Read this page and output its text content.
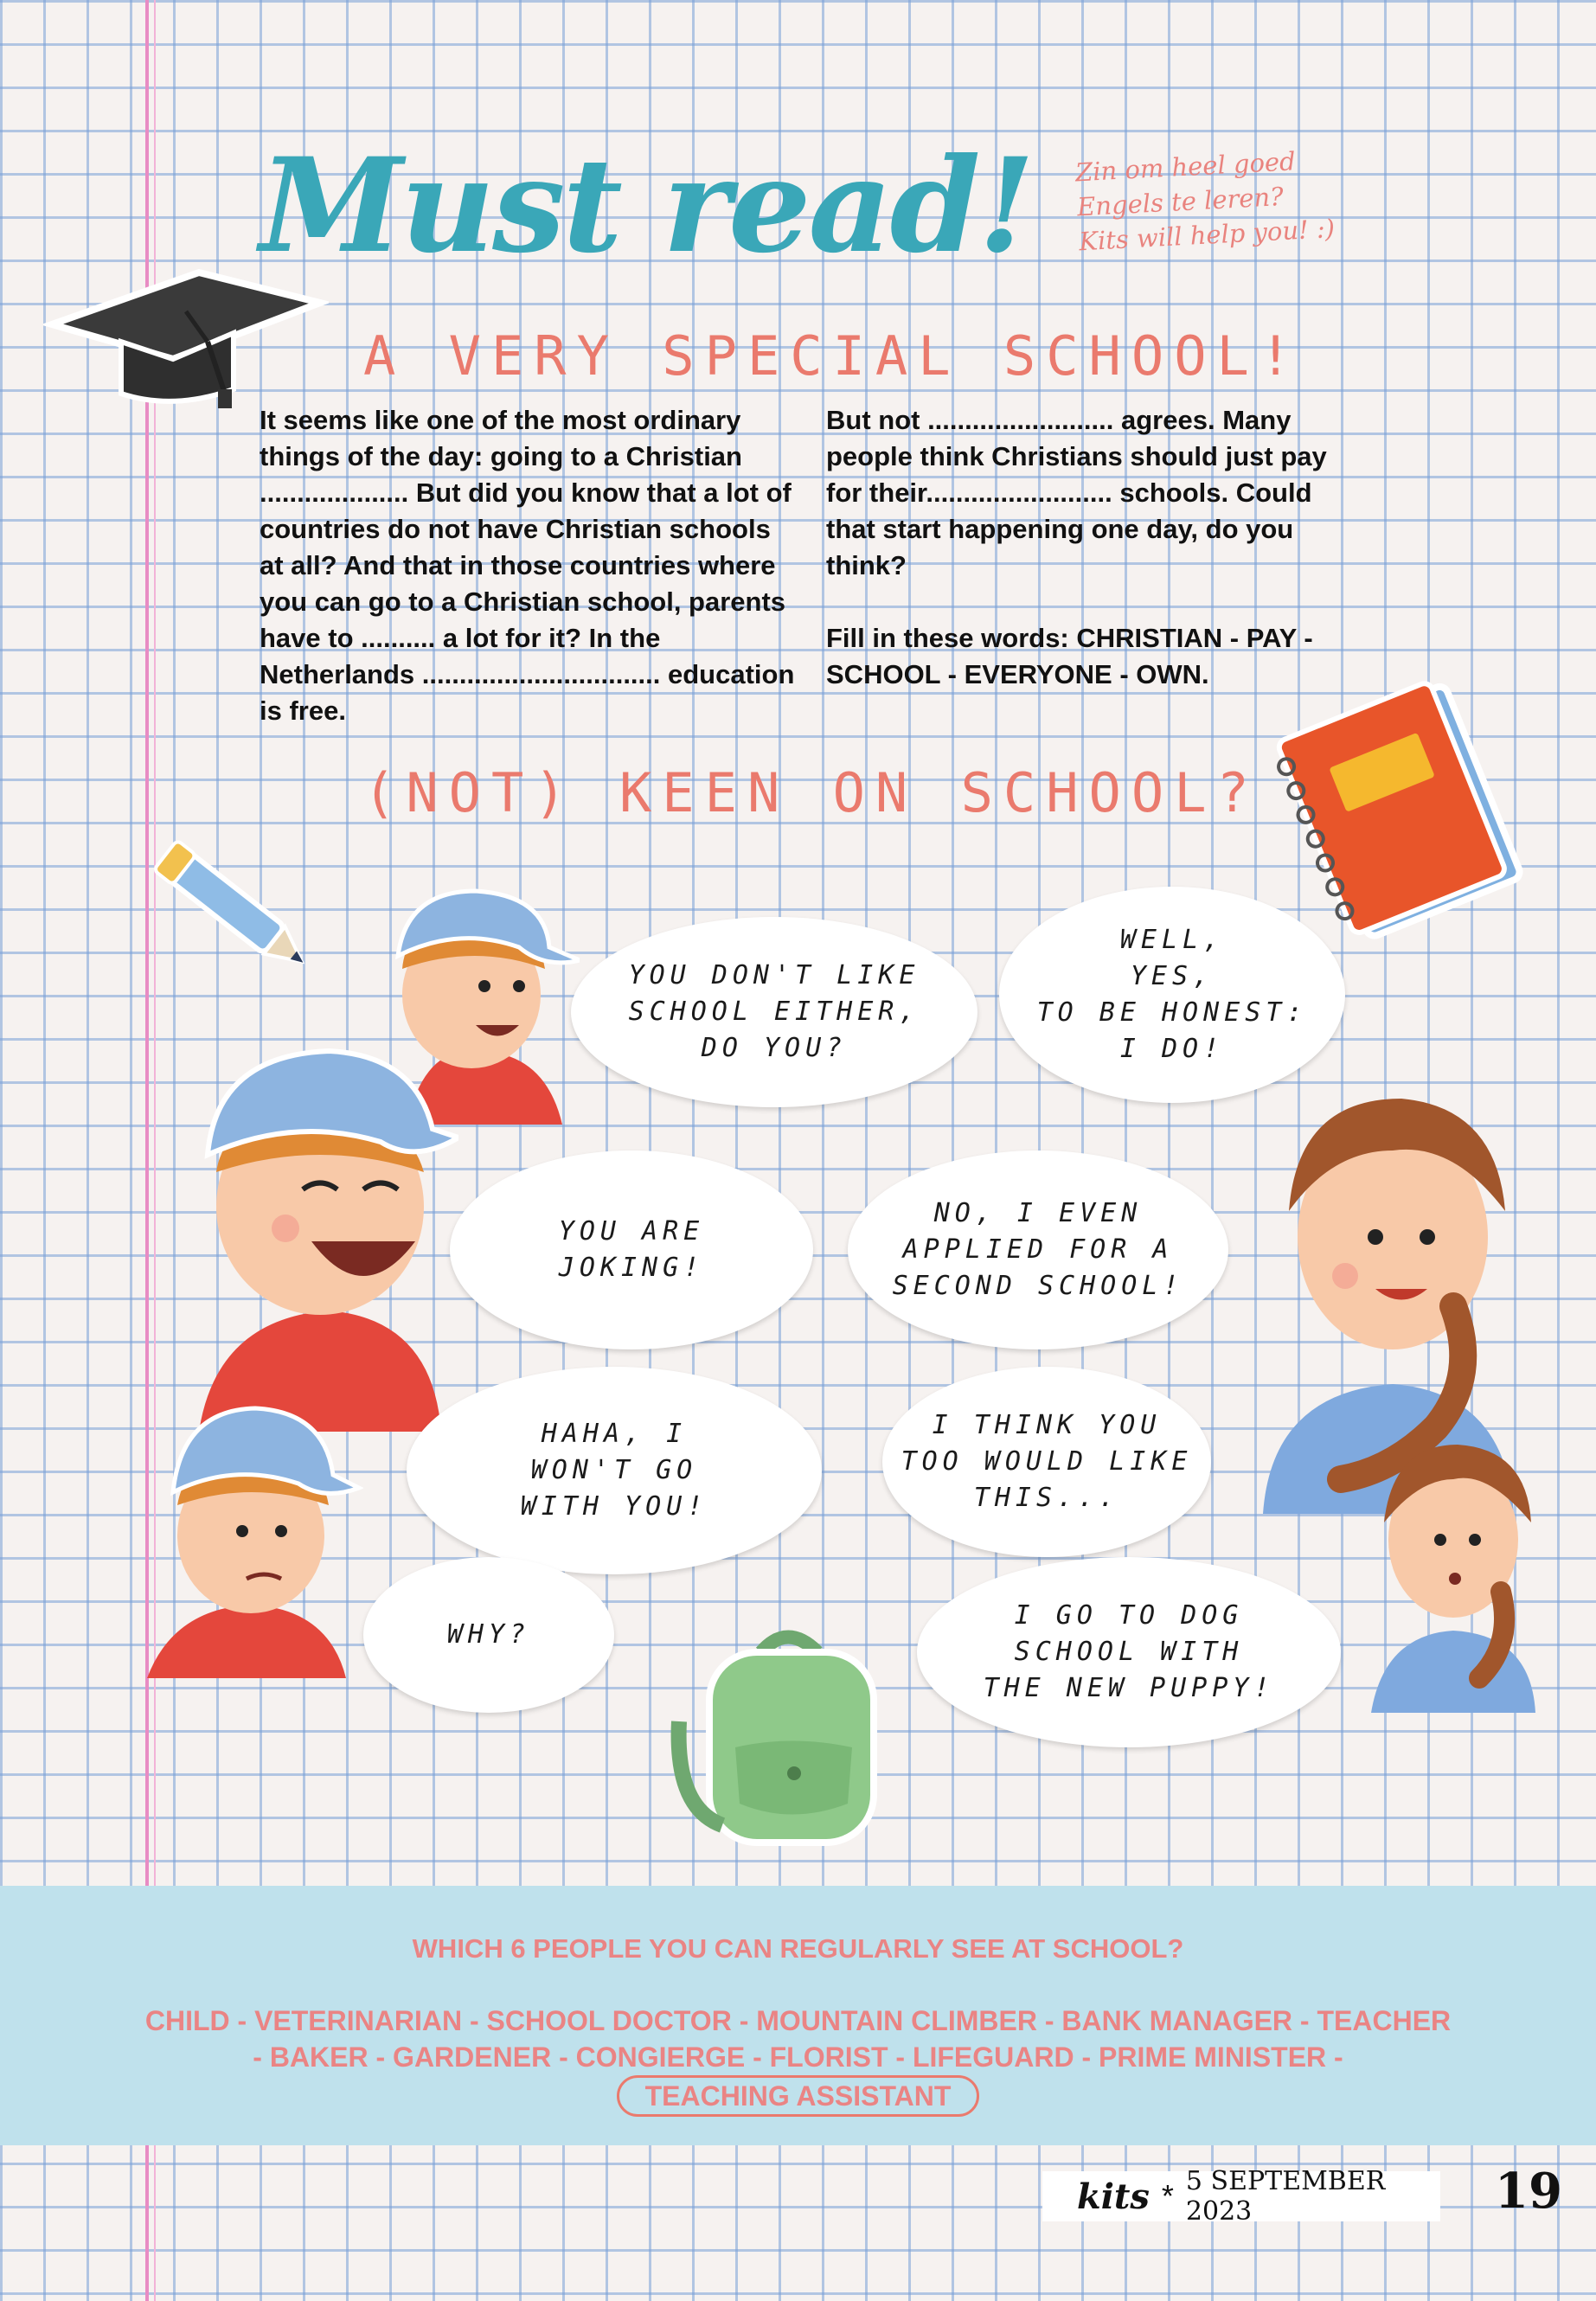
Must read! Zin om heel goed
Engels te leren?
Kits will help you! :)
A VERY SPECIAL SCHOOL!

It seems like one of the most ordinary things of the day: going to a Christian .................... But did you know that a lot of countries do not have Christian schools at all? And that in those countries where you can go to a Christian school, parents have to .......... a lot for it? In the Netherlands ................................ education is free.

But not ......................... agrees. Many people think Christians should just pay for their......................... schools. Could that start happening one day, do you think?

Fill in these words: CHRISTIAN - PAY - SCHOOL - EVERYONE - OWN.

(NOT) KEEN ON SCHOOL?
YOU DON'T LIKE
SCHOOL EITHER,
DO YOU?
WELL,
YES,
TO BE HONEST:
I DO!
YOU ARE
JOKING!
NO, I EVEN
APPLIED FOR A
SECOND SCHOOL!
HAHA, I
WON'T GO
WITH YOU!
I THINK YOU
TOO WOULD LIKE
THIS...
WHY?
I GO TO DOG
SCHOOL WITH
THE NEW PUPPY!
WHICH 6 PEOPLE YOU CAN REGULARLY SEE AT SCHOOL?
CHILD - VETERINARIAN - SCHOOL DOCTOR - MOUNTAIN CLIMBER - BANK MANAGER - TEACHER
- BAKER - GARDENER - CONGIERGE - FLORIST - LIFEGUARD - PRIME MINISTER -
TEACHING ASSISTANT
kits * 5 SEPTEMBER 2023	19
